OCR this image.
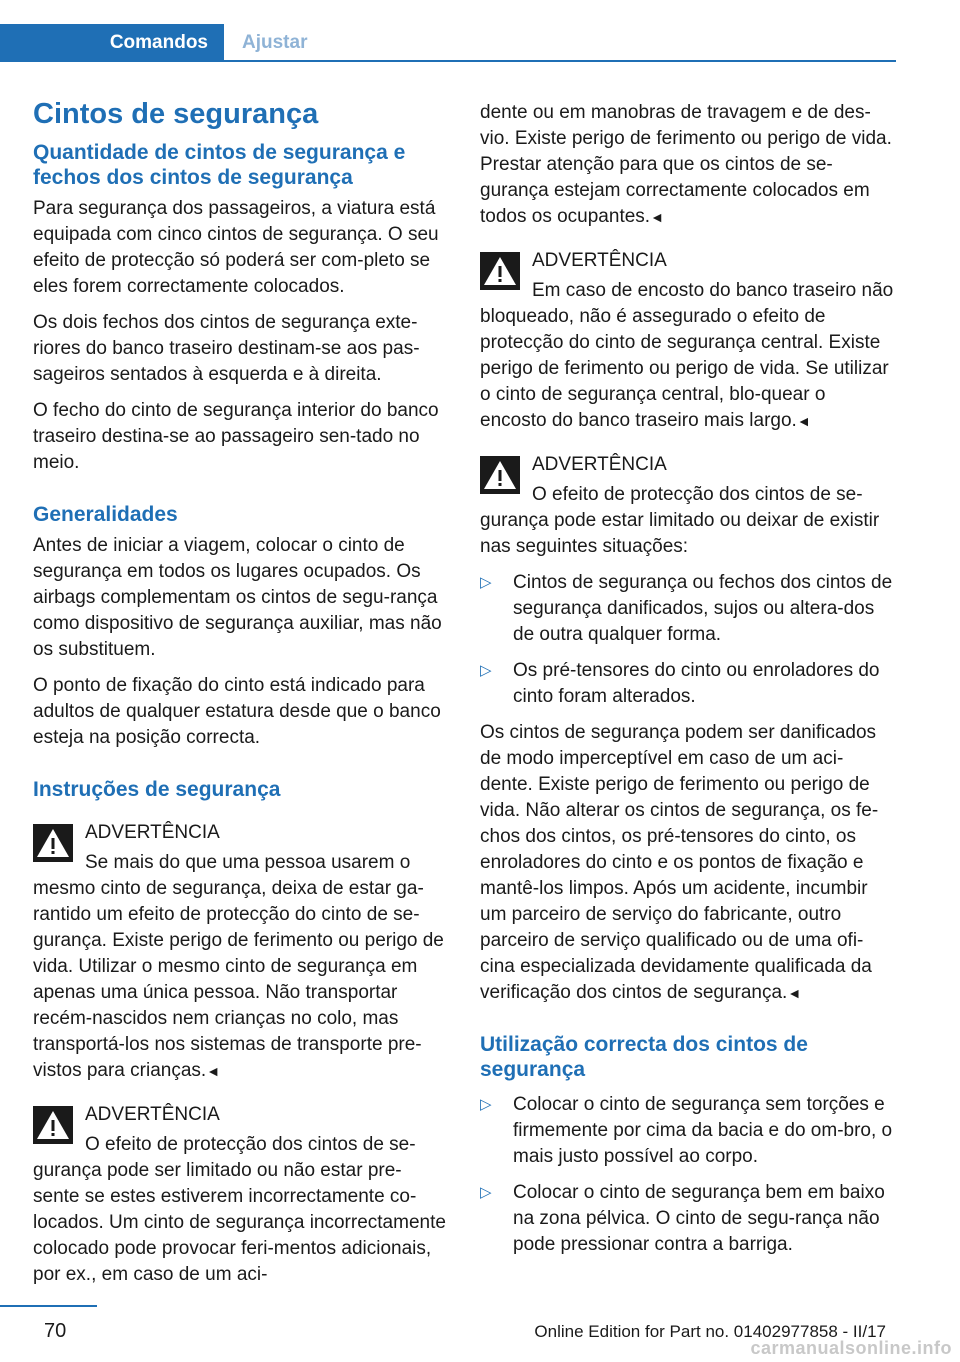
Comandos Ajustar
Cintos de segurança
Quantidade de cintos de segurança e fechos dos cintos de segurança

Para segurança dos passageiros, a viatura está equipada com cinco cintos de segurança. O seu efeito de protecção só poderá ser com-pleto se eles forem correctamente colocados.

Os dois fechos dos cintos de segurança exte-riores do banco traseiro destinam-se aos pas-sageiros sentados à esquerda e à direita.

O fecho do cinto de segurança interior do banco traseiro destina-se ao passageiro sen-tado no meio.

Generalidades

Antes de iniciar a viagem, colocar o cinto de segurança em todos os lugares ocupados. Os airbags complementam os cintos de segu-rança como dispositivo de segurança auxiliar, mas não os substituem.

O ponto de fixação do cinto está indicado para adultos de qualquer estatura desde que o banco esteja na posição correcta.

Instruções de segurança
ADVERTÊNCIA

Se mais do que uma pessoa usarem o mesmo cinto de segurança, deixa de estar ga-rantido um efeito de protecção do cinto de se-gurança. Existe perigo de ferimento ou perigo de vida. Utilizar o mesmo cinto de segurança em apenas uma única pessoa. Não transportar recém-nascidos nem crianças no colo, mas transportá-los nos sistemas de transporte pre-vistos para crianças.◄

ADVERTÊNCIA

O efeito de protecção dos cintos de se-gurança pode ser limitado ou não estar pre-sente se estes estiverem incorrectamente co-locados. Um cinto de segurança incorrectamente colocado pode provocar feri-mentos adicionais, por ex., em caso de um aci-

dente ou em manobras de travagem e de des-vio. Existe perigo de ferimento ou perigo de vida. Prestar atenção para que os cintos de se-gurança estejam correctamente colocados em todos os ocupantes.◄

ADVERTÊNCIA

Em caso de encosto do banco traseiro não bloqueado, não é assegurado o efeito de protecção do cinto de segurança central. Existe perigo de ferimento ou perigo de vida. Se utilizar o cinto de segurança central, blo-quear o encosto do banco traseiro mais largo.◄

ADVERTÊNCIA

O efeito de protecção dos cintos de se-gurança pode estar limitado ou deixar de existir nas seguintes situações:

▷ Cintos de segurança ou fechos dos cintos de segurança danificados, sujos ou altera-dos de outra qualquer forma.
▷ Os pré-tensores do cinto ou enroladores do cinto foram alterados.

Os cintos de segurança podem ser danificados de modo imperceptível em caso de um aci-dente. Existe perigo de ferimento ou perigo de vida. Não alterar os cintos de segurança, os fe-chos dos cintos, os pré-tensores do cinto, os enroladores do cinto e os pontos de fixação e mantê-los limpos. Após um acidente, incumbir um parceiro de serviço do fabricante, outro parceiro de serviço qualificado ou de uma ofi-cina especializada devidamente qualificada da verificação dos cintos de segurança.◄

Utilização correcta dos cintos de segurança
▷ Colocar o cinto de segurança sem torções e firmemente por cima da bacia e do om-bro, o mais justo possível ao corpo.
▷ Colocar o cinto de segurança bem em baixo na zona pélvica. O cinto de segu-rança não pode pressionar contra a barriga.
70	Online Edition for Part no. 01402977858 - II/17
carmanualsonline.info
